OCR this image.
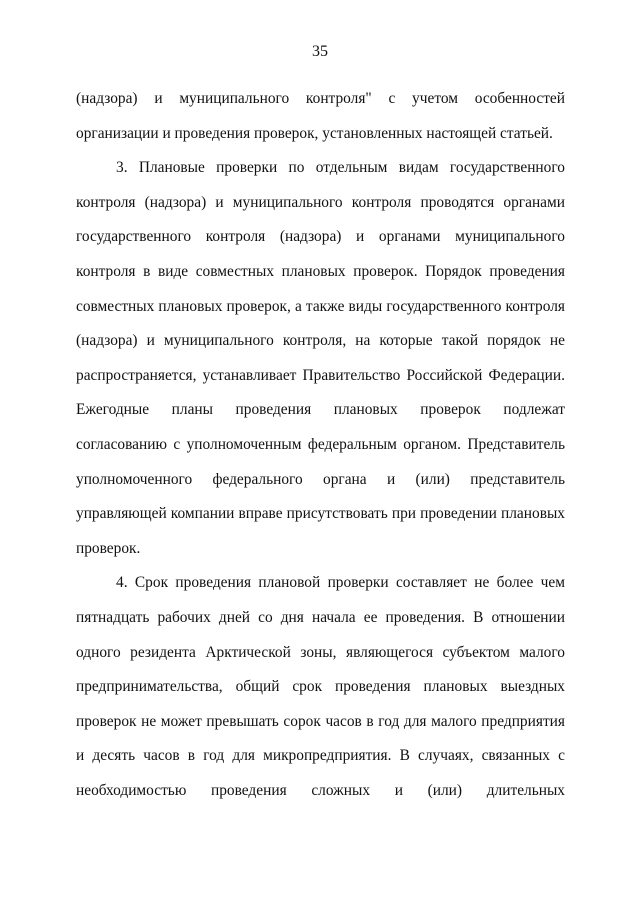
35

(надзора) и муниципального контроля" с учетом особенностей организации и проведения проверок, установленных настоящей статьей.

3. Плановые проверки по отдельным видам государственного контроля (надзора) и муниципального контроля проводятся органами государственного контроля (надзора) и органами муниципального контроля в виде совместных плановых проверок. Порядок проведения совместных плановых проверок, а также виды государственного контроля (надзора) и муниципального контроля, на которые такой порядок не распространяется, устанавливает Правительство Российской Федерации. Ежегодные планы проведения плановых проверок подлежат согласованию с уполномоченным федеральным органом. Представитель уполномоченного федерального органа и (или) представитель управляющей компании вправе присутствовать при проведении плановых проверок.

4. Срок проведения плановой проверки составляет не более чем пятнадцать рабочих дней со дня начала ее проведения. В отношении одного резидента Арктической зоны, являющегося субъектом малого предпринимательства, общий срок проведения плановых выездных проверок не может превышать сорок часов в год для малого предприятия и десять часов в год для микропредприятия. В случаях, связанных с необходимостью проведения сложных и (или) длительных
